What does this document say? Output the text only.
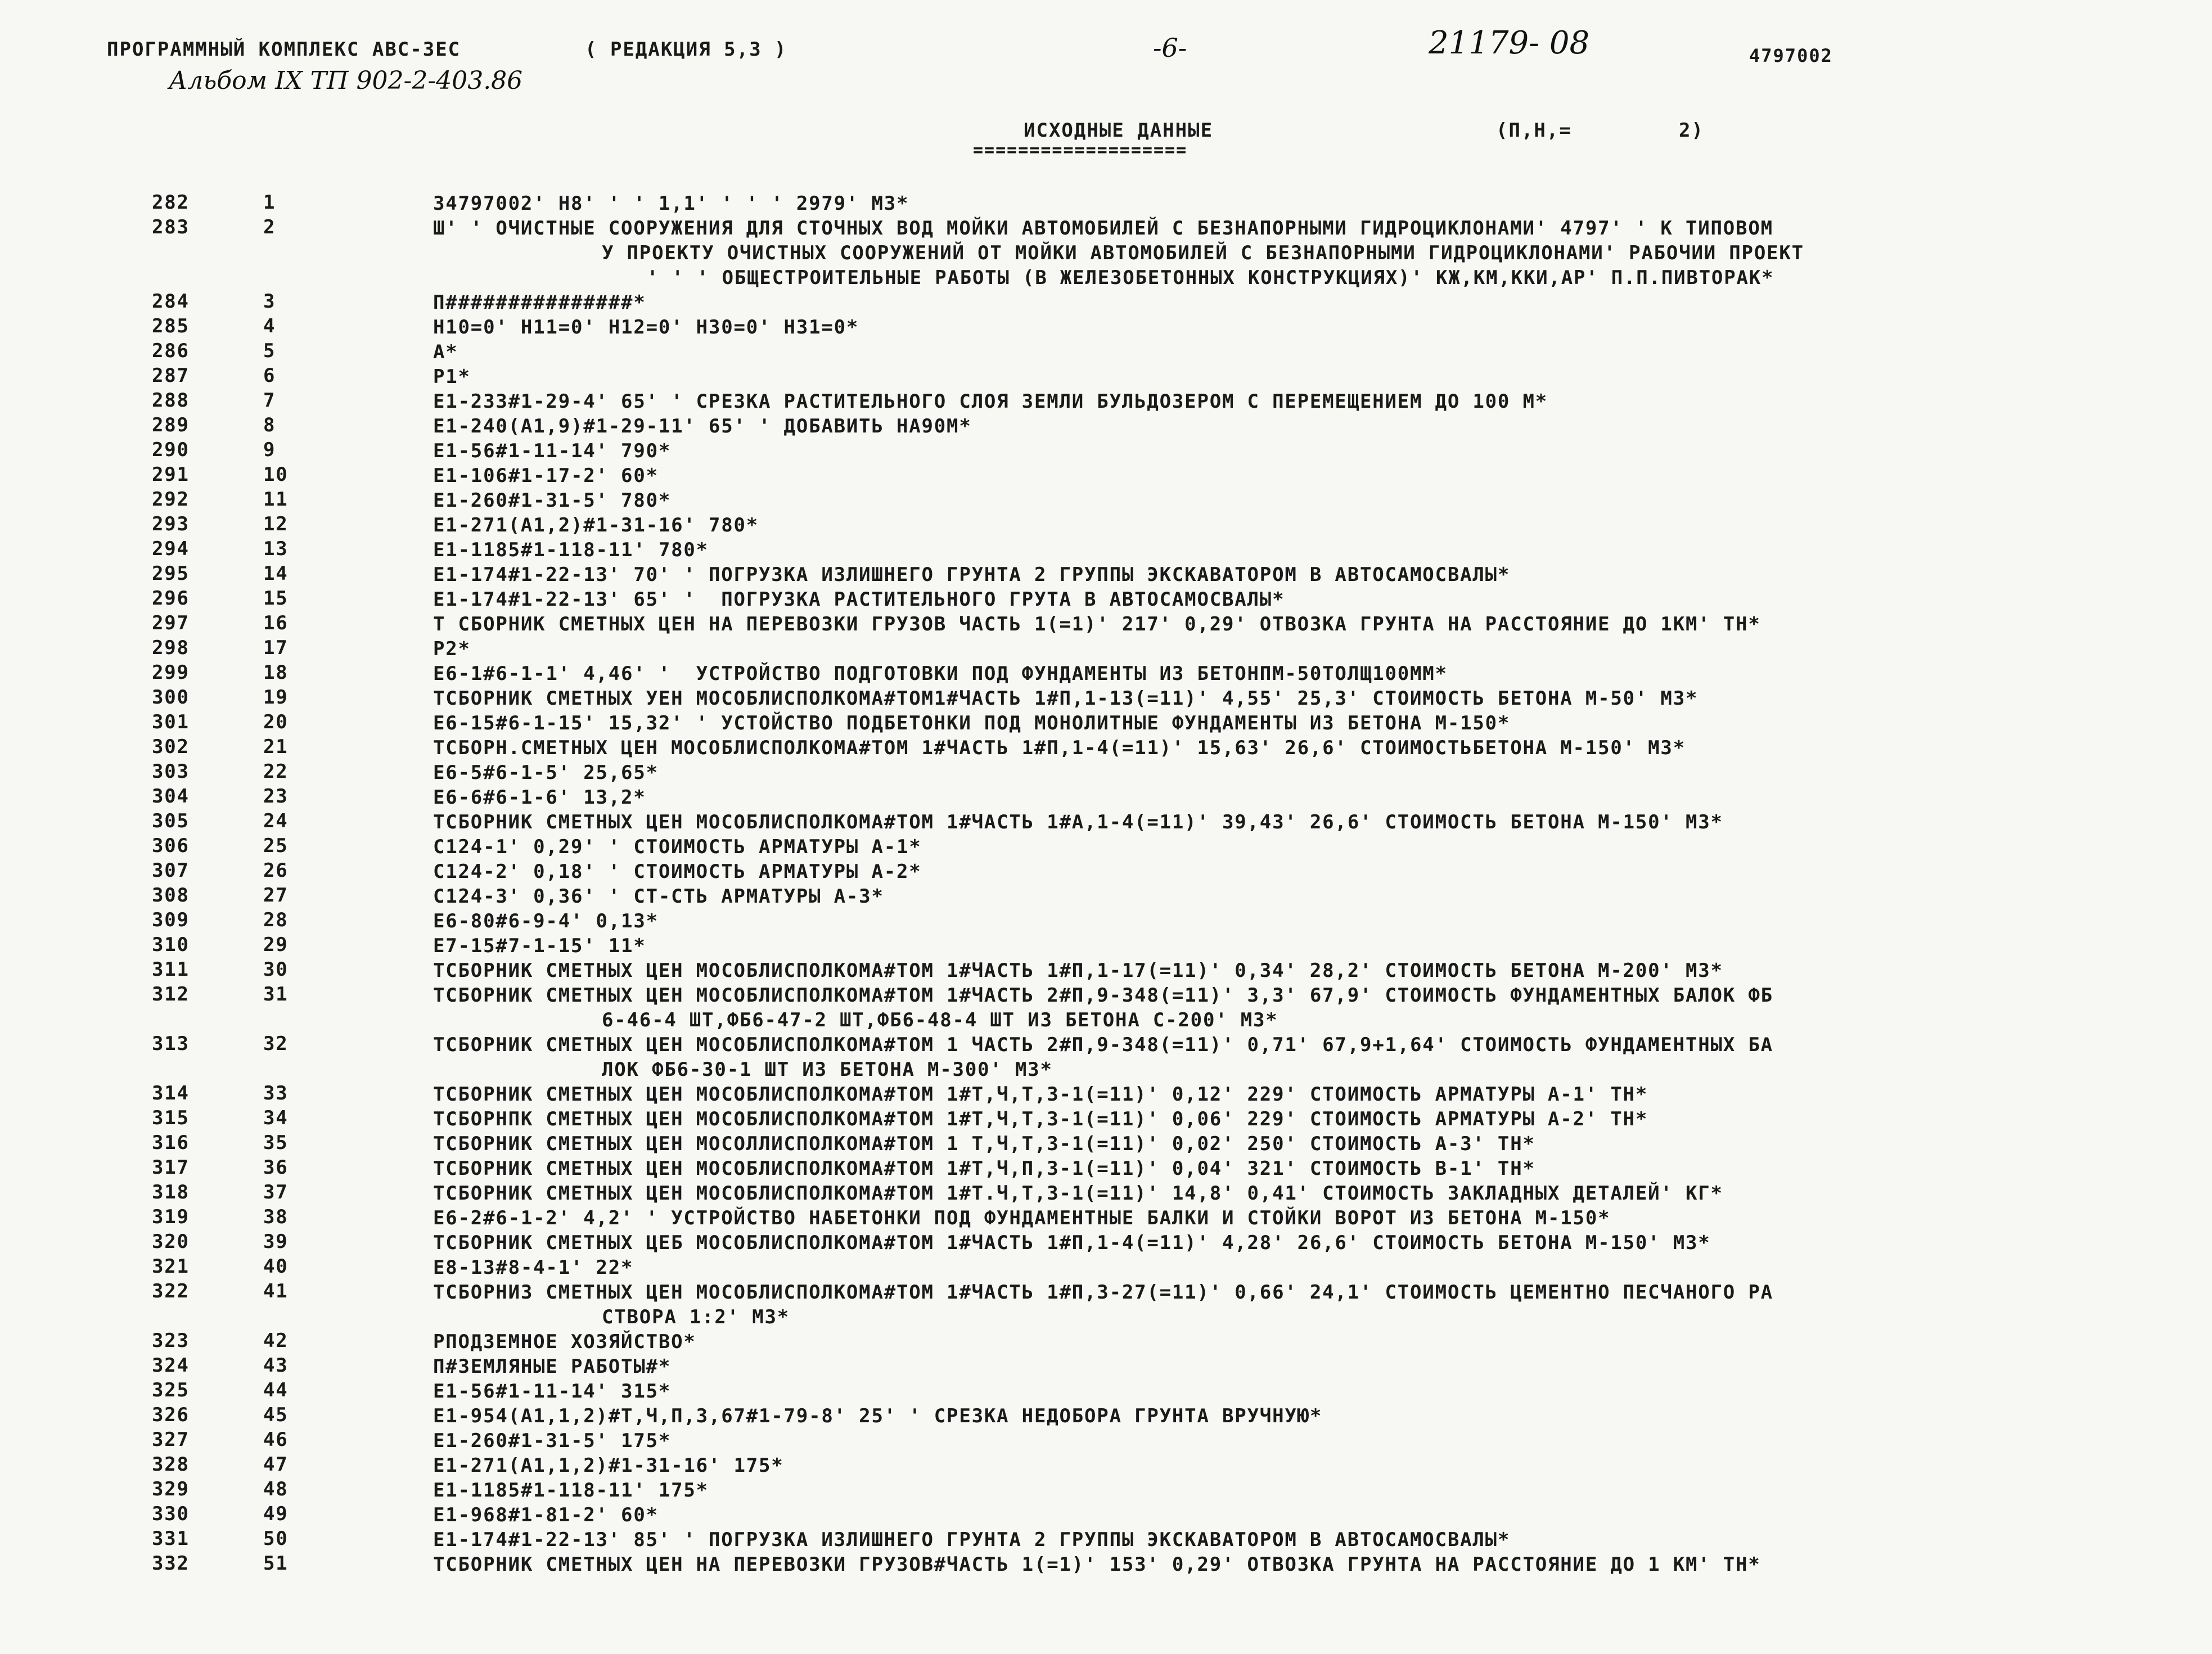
ПРОГРАММНЫЙ КОМПЛЕКС АВС-ЗЕС	( РЕДАКЦИЯ 5,3 )	-6-	21179- 08	4797002
Альбом IX ТП 902-2-403.86
ИСХОДНЫЕ ДАННЫЕ
===================
(П,Н,=	2)
282	1	34797002' Н8' ' ' 1,1' ' ' ' 2979' М3*
283	2	Ш' ' ОЧИСТНЫЕ СООРУЖЕНИЯ ДЛЯ СТОЧНЫХ ВОД МОЙКИ АВТОМОБИЛЕЙ С БЕЗНАПОРНЫМИ ГИДРОЦИКЛОНАМИ' 4797' ' К ТИПОВОМ
У ПРОЕКТУ ОЧИСТНЫХ СООРУЖЕНИЙ ОТ МОЙКИ АВТОМОБИЛЕЙ С БЕЗНАПОРНЫМИ ГИДРОЦИКЛОНАМИ' РАБОЧИИ ПРОЕКТ
' ' ' ОБЩЕСТРОИТЕЛЬНЫЕ РАБОТЫ (В ЖЕЛЕЗОБЕТОННЫХ КОНСТРУКЦИЯХ)' КЖ,КМ,ККИ,АР' П.П.ПИВТОРАК*
284	3	П###############*
285	4	Н10=0' Н11=0' Н12=0' Н30=0' Н31=0*
286	5	А*
287	6	Р1*
288	7	Е1-233#1-29-4' 65' ' СРЕЗКА РАСТИТЕЛЬНОГО СЛОЯ ЗЕМЛИ БУЛЬДОЗЕРОМ С ПЕРЕМЕЩЕНИЕМ ДО 100 М*
289	8	Е1-240(А1,9)#1-29-11' 65' ' ДОБАВИТЬ НА90М*
290	9	Е1-56#1-11-14' 790*
291	10	Е1-106#1-17-2' 60*
292	11	Е1-260#1-31-5' 780*
293	12	Е1-271(А1,2)#1-31-16' 780*
294	13	Е1-1185#1-118-11' 780*
295	14	Е1-174#1-22-13' 70' ' ПОГРУЗКА ИЗЛИШНЕГО ГРУНТА 2 ГРУППЫ ЭКСКАВАТОРОМ В АВТОСАМОСВАЛЫ*
296	15	Е1-174#1-22-13' 65' '  ПОГРУЗКА РАСТИТЕЛЬНОГО ГРУТА В АВТОСАМОСВАЛЫ*
297	16	Т СБОРНИК СМЕТНЫХ ЦЕН НА ПЕРЕВОЗКИ ГРУЗОВ ЧАСТЬ 1(=1)' 217' 0,29' ОТВОЗКА ГРУНТА НА РАССТОЯНИЕ ДО 1КМ' ТН*
298	17	Р2*
299	18	Е6-1#6-1-1' 4,46' '  УСТРОЙСТВО ПОДГОТОВКИ ПОД ФУНДАМЕНТЫ ИЗ БЕТОНПМ-50ТОЛЩ100ММ*
300	19	ТСБОРНИК СМЕТНЫХ УЕН МОСОБЛИСПОЛКОМА#ТОМ1#ЧАСТЬ 1#П,1-13(=11)' 4,55' 25,3' СТОИМОСТЬ БЕТОНА М-50' М3*
301	20	Е6-15#6-1-15' 15,32' ' УСТОЙСТВО ПОДБЕТОНКИ ПОД МОНОЛИТНЫЕ ФУНДАМЕНТЫ ИЗ БЕТОНА М-150*
302	21	ТСБОРН.СМЕТНЫХ ЦЕН МОСОБЛИСПОЛКОМА#ТОМ 1#ЧАСТЬ 1#П,1-4(=11)' 15,63' 26,6' СТОИМОСТЬБЕТОНА М-150' М3*
303	22	Е6-5#6-1-5' 25,65*
304	23	Е6-6#6-1-6' 13,2*
305	24	ТСБОРНИК СМЕТНЫХ ЦЕН МОСОБЛИСПОЛКОМА#ТОМ 1#ЧАСТЬ 1#А,1-4(=11)' 39,43' 26,6' СТОИМОСТЬ БЕТОНА М-150' М3*
306	25	С124-1' 0,29' ' СТОИМОСТЬ АРМАТУРЫ А-1*
307	26	С124-2' 0,18' ' СТОИМОСТЬ АРМАТУРЫ А-2*
308	27	С124-3' 0,36' ' СТ-СТЬ АРМАТУРЫ А-3*
309	28	Е6-80#6-9-4' 0,13*
310	29	Е7-15#7-1-15' 11*
311	30	ТСБОРНИК СМЕТНЫХ ЦЕН МОСОБЛИСПОЛКОМА#ТОМ 1#ЧАСТЬ 1#П,1-17(=11)' 0,34' 28,2' СТОИМОСТЬ БЕТОНА М-200' М3*
312	31	ТСБОРНИК СМЕТНЫХ ЦЕН МОСОБЛИСПОЛКОМА#ТОМ 1#ЧАСТЬ 2#П,9-348(=11)' 3,3' 67,9' СТОИМОСТЬ ФУНДАМЕНТНЫХ БАЛОК ФБ
6-46-4 ШТ,ФБ6-47-2 ШТ,ФБ6-48-4 ШТ ИЗ БЕТОНА С-200' М3*
313	32	ТСБОРНИК СМЕТНЫХ ЦЕН МОСОБЛИСПОЛКОМА#ТОМ 1 ЧАСТЬ 2#П,9-348(=11)' 0,71' 67,9+1,64' СТОИМОСТЬ ФУНДАМЕНТНЫХ БА
ЛОК ФБ6-30-1 ШТ ИЗ БЕТОНА М-300' М3*
314	33	ТСБОРНИК СМЕТНЫХ ЦЕН МОСОБЛИСПОЛКОМА#ТОМ 1#Т,Ч,Т,3-1(=11)' 0,12' 229' СТОИМОСТЬ АРМАТУРЫ А-1' ТН*
315	34	ТСБОРНПК СМЕТНЫХ ЦЕН МОСОБЛИСПОЛКОМА#ТОМ 1#Т,Ч,Т,3-1(=11)' 0,06' 229' СТОИМОСТЬ АРМАТУРЫ А-2' ТН*
316	35	ТСБОРНИК СМЕТНЫХ ЦЕН МОСОЛЛИСПОЛКОМА#ТОМ 1 Т,Ч,Т,3-1(=11)' 0,02' 250' СТОИМОСТЬ А-3' ТН*
317	36	ТСБОРНИК СМЕТНЫХ ЦЕН МОСОБЛИСПОЛКОМА#ТОМ 1#Т,Ч,П,3-1(=11)' 0,04' 321' СТОИМОСТЬ В-1' ТН*
318	37	ТСБОРНИК СМЕТНЫХ ЦЕН МОСОБЛИСПОЛКОМА#ТОМ 1#Т.Ч,Т,3-1(=11)' 14,8' 0,41' СТОИМОСТЬ ЗАКЛАДНЫХ ДЕТАЛЕЙ' КГ*
319	38	Е6-2#6-1-2' 4,2' ' УСТРОЙСТВО НАБЕТОНКИ ПОД ФУНДАМЕНТНЫЕ БАЛКИ И СТОЙКИ ВОРОТ ИЗ БЕТОНА М-150*
320	39	ТСБОРНИК СМЕТНЫХ ЦЕБ МОСОБЛИСПОЛКОМА#ТОМ 1#ЧАСТЬ 1#П,1-4(=11)' 4,28' 26,6' СТОИМОСТЬ БЕТОНА М-150' М3*
321	40	Е8-13#8-4-1' 22*
322	41	ТСБОРНИЗ СМЕТНЫХ ЦЕН МОСОБЛИСПОЛКОМА#ТОМ 1#ЧАСТЬ 1#П,3-27(=11)' 0,66' 24,1' СТОИМОСТЬ ЦЕМЕНТНО ПЕСЧАНОГО РА
СТВОРА 1:2' М3*
323	42	РПОДЗЕМНОЕ ХОЗЯЙСТВО*
324	43	П#ЗЕМЛЯНЫЕ РАБОТЫ#*
325	44	Е1-56#1-11-14' 315*
326	45	Е1-954(А1,1,2)#Т,Ч,П,3,67#1-79-8' 25' ' СРЕЗКА НЕДОБОРА ГРУНТА ВРУЧНУЮ*
327	46	Е1-260#1-31-5' 175*
328	47	Е1-271(А1,1,2)#1-31-16' 175*
329	48	Е1-1185#1-118-11' 175*
330	49	Е1-968#1-81-2' 60*
331	50	Е1-174#1-22-13' 85' ' ПОГРУЗКА ИЗЛИШНЕГО ГРУНТА 2 ГРУППЫ ЭКСКАВАТОРОМ В АВТОСАМОСВАЛЫ*
332	51	ТСБОРНИК СМЕТНЫХ ЦЕН НА ПЕРЕВОЗКИ ГРУЗОВ#ЧАСТЬ 1(=1)' 153' 0,29' ОТВОЗКА ГРУНТА НА РАССТОЯНИЕ ДО 1 КМ' ТН*
